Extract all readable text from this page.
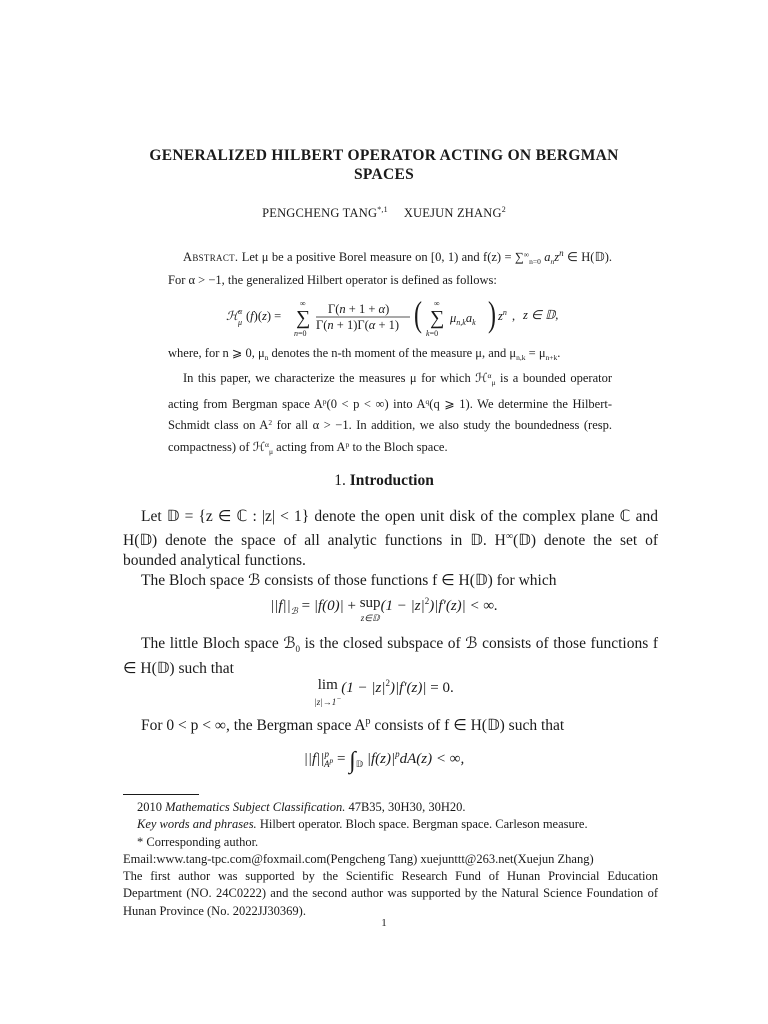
GENERALIZED HILBERT OPERATOR ACTING ON BERGMAN
SPACES
PENGCHENG $TANG^{*,1}$ XUEJUN ZHANG$^2$

Abstract. Let μ be a positive Borel measure on [0, 1) and $f(z) = \sum^\infty_{n=0}$ $a_nz^n$ ∈ H(𝔻). For α > −1, the generalized Hilbert operator is defined as follows:

ℋ α
μ (f)(z) = ∑
∞
n=0
Γ(n + 1 + α)
Γ(n + 1)Γ(α + 1) ( ∑
∞
k=0
$\mu_{n,k}a_k$ ) $z^n$ , z ∈ 𝔻,

where, for n ⩾ 0, $\mu_n$ denotes the n-th moment of the measure μ, and $\mu_{n,k} = \mu_{n+k}$.

In this paper, we characterize the measures μ for which ℋ$^\alpha_\mu$ is a bounded operator acting from Bergman space $A^p(0 < p$ < ∞) into $A^q(q$ ⩾ 1). We determine the Hilbert-Schmidt class on $A^2$ for all α > −1. In addition, we also study the boundedness (resp. compactness) of ℋ$^\alpha_\mu$ acting from $A^p$ to the Bloch space.

1. Introduction

Let 𝔻 = {z ∈ ℂ : |z| < 1} denote the open unit disk of the complex plane ℂ and H(𝔻) denote the space of all analytic functions in 𝔻. H∞(𝔻) denote the set of bounded analytical functions.

The Bloch space ℬ consists of those functions f ∈ H(𝔻) for which

$||f||_ℬ = |f(0)|$ + sup
z∈𝔻(1 − $|z|^2)|f'(z)|$ < ∞.

The little Bloch space ℬ$_0$ is the closed subspace of ℬ consists of those functions f ∈ H(𝔻) such that

lim
$|z|\to 1^-(1 - |z|^2)|f'(z)| = 0$.

For 0 < p < ∞, the Bergman space $A^p$ consists of f ∈ H(𝔻) such that

$||f||^p_{A^p} = \int_𝔻$ $|f(z)|^pdA(z)$ < ∞,

2010 Mathematics Subject Classification. 47B35, 30H30, 30H20.

Key words and phrases. Hilbert operator. Bloch space. Bergman space. Carleson measure.

* Corresponding author.

Email:www.tang-tpc.com@foxmail.com(Pengcheng Tang) xuejunttt@263.net(Xuejun Zhang)

The first author was supported by the Scientific Research Fund of Hunan Provincial Education Department (NO. 24C0222) and the second author was supported by the Natural Science Foundation of Hunan Province (No. 2022JJ30369).

1
